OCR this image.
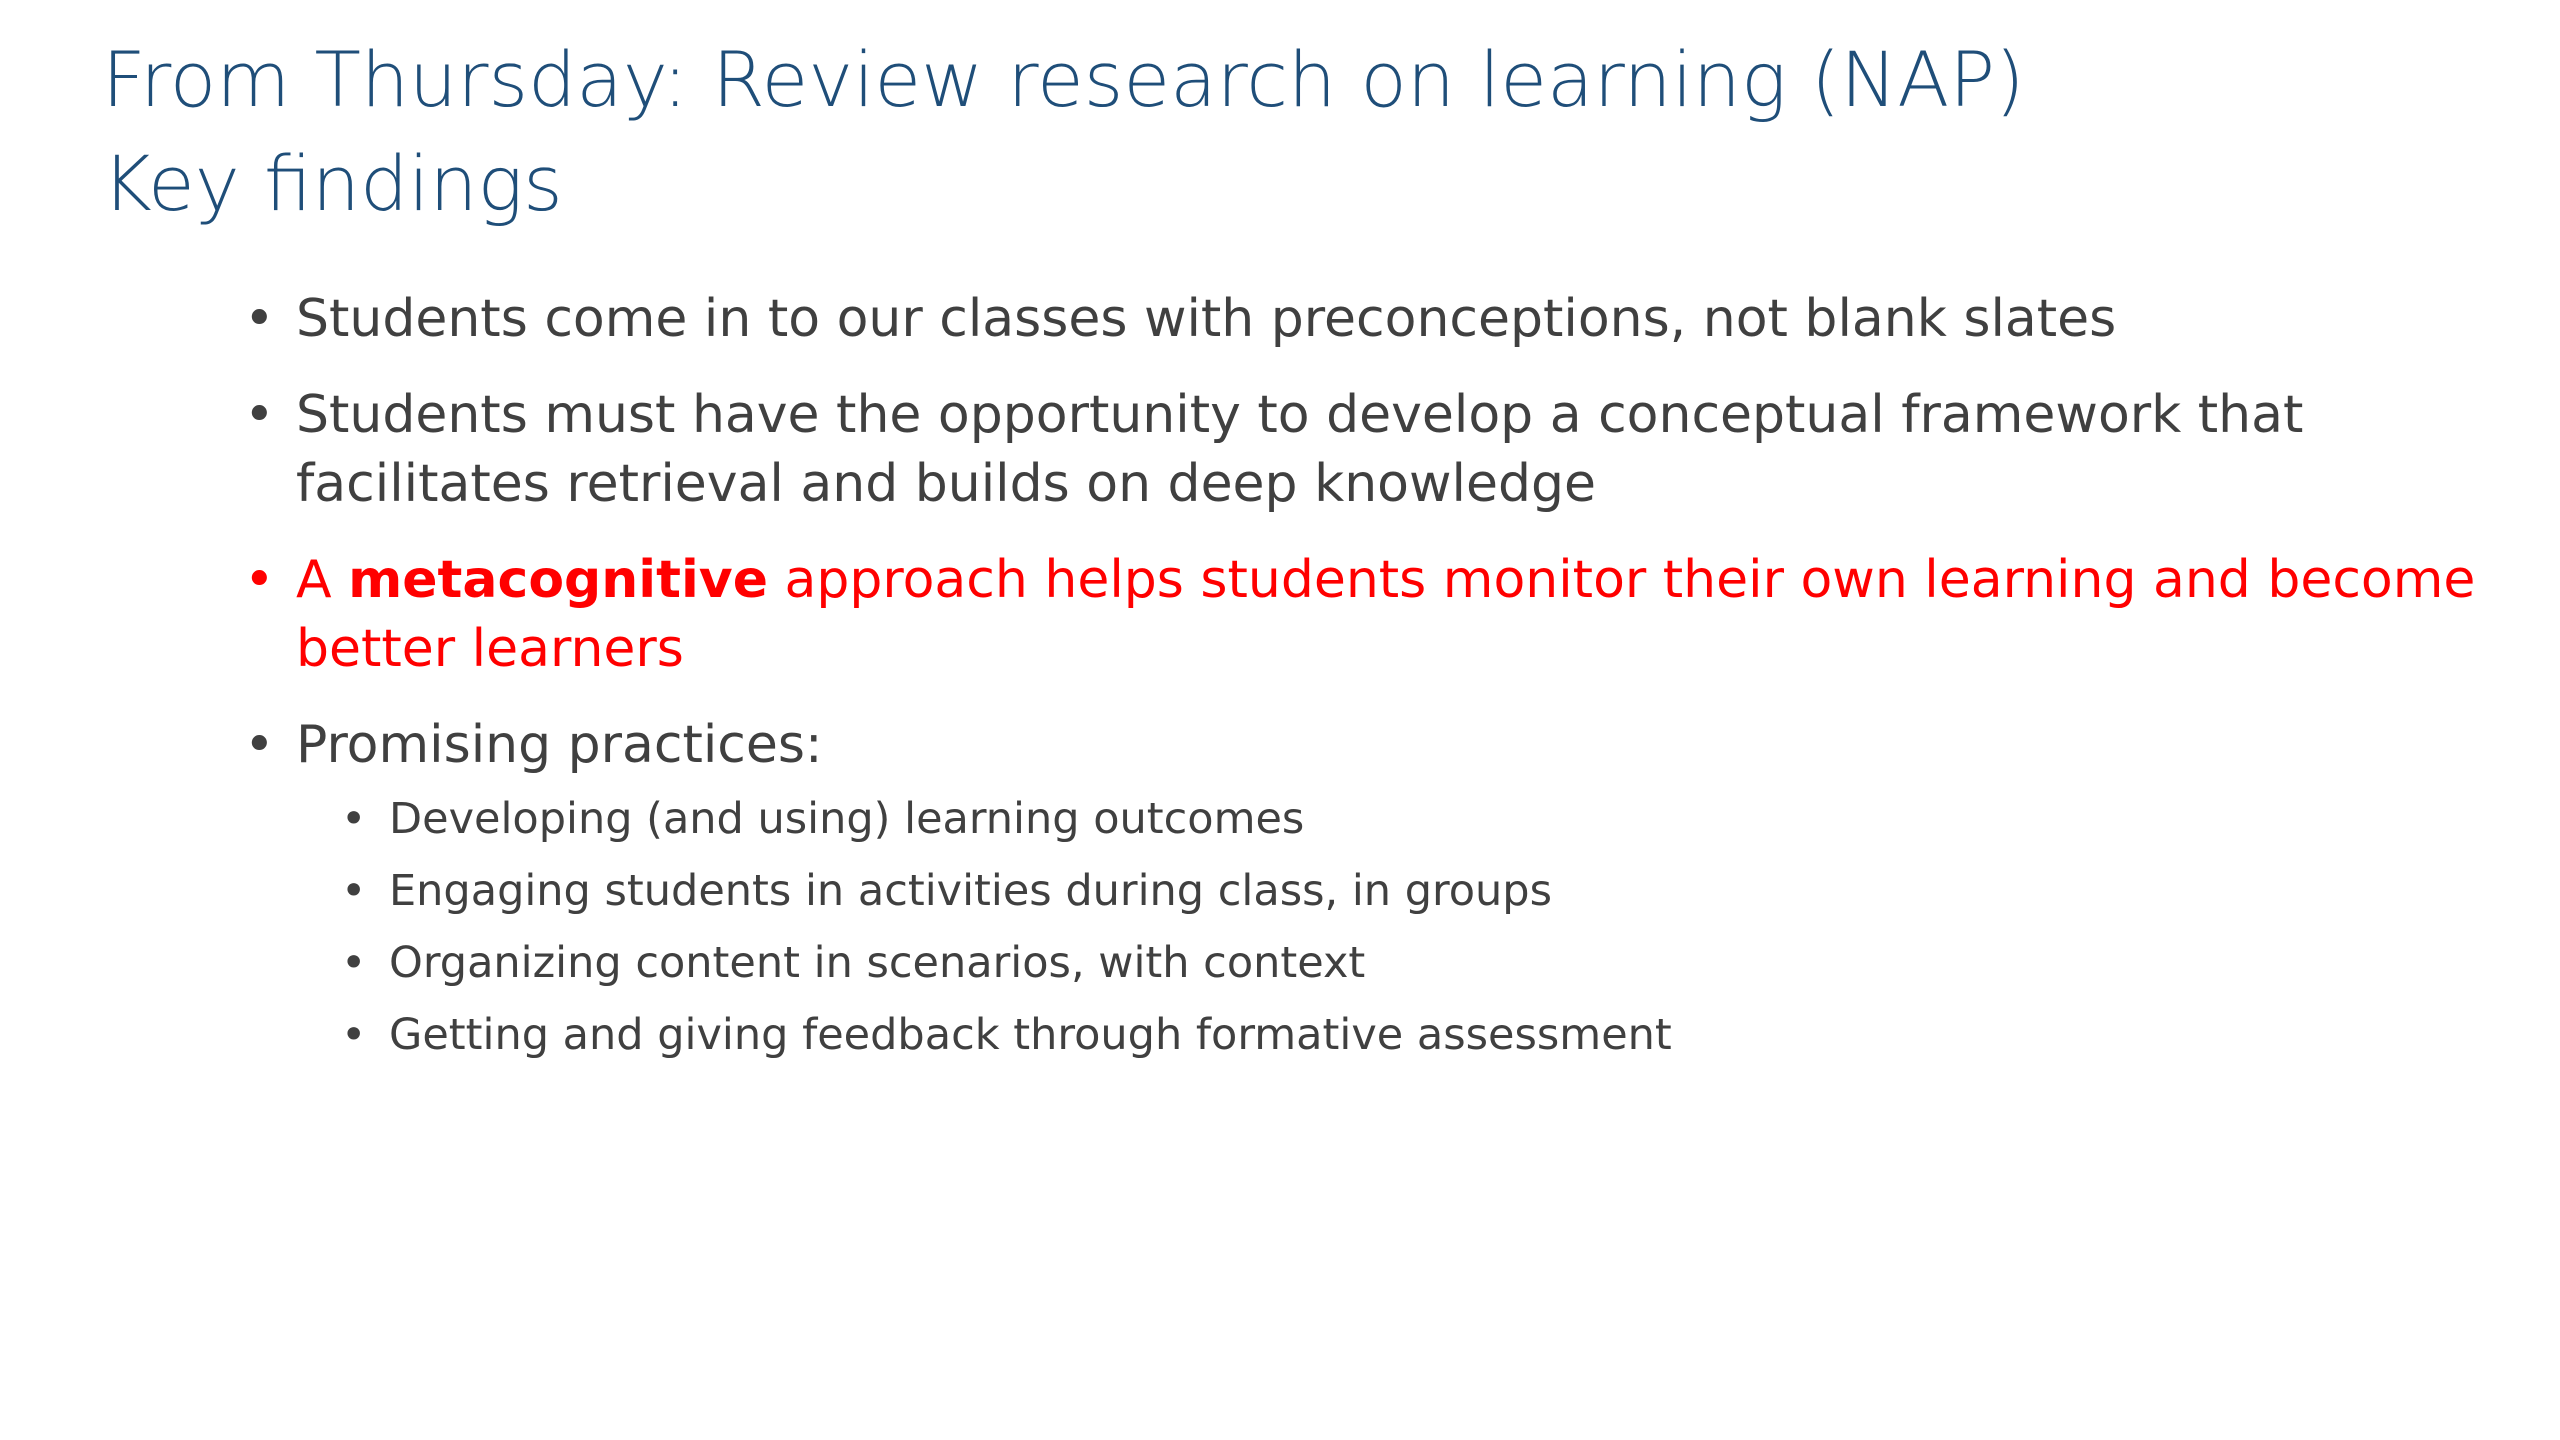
From Thursday: Review research on learning (NAP)
Key findings
• Students come in to our classes with preconceptions, not blank slates
• Students must have the opportunity to develop a conceptual framework that facilitates retrieval and builds on deep knowledge
• A metacognitive approach helps students monitor their own learning and become better learners
• Promising practices:
• Developing (and using) learning outcomes
• Engaging students in activities during class, in groups
• Organizing content in scenarios, with context
• Getting and giving feedback through formative assessment
